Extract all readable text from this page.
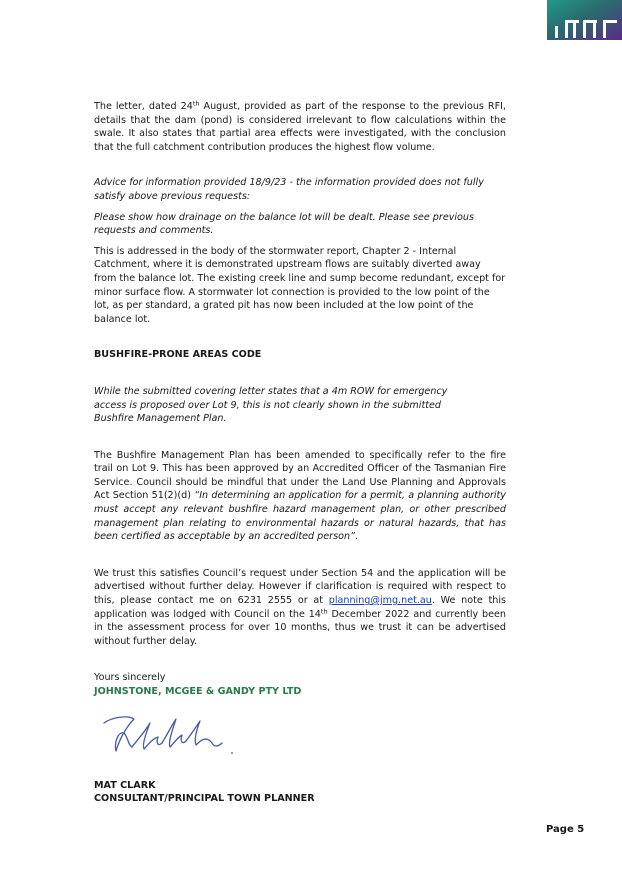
The letter, dated 24th August, provided as part of the response to the previous RFI, details that the dam (pond) is considered irrelevant to flow calculations within the swale. It also states that partial area effects were investigated, with the conclusion that the full catchment contribution produces the highest flow volume.

Advice for information provided 18/9/23 - the information provided does not fully satisfy above previous requests:

Please show how drainage on the balance lot will be dealt. Please see previous requests and comments.

This is addressed in the body of the stormwater report, Chapter 2 - Internal Catchment, where it is demonstrated upstream flows are suitably diverted away from the balance lot. The existing creek line and sump become redundant, except for minor surface flow. A stormwater lot connection is provided to the low point of the lot, as per standard, a grated pit has now been included at the low point of the balance lot.

BUSHFIRE-PRONE AREAS CODE

While the submitted covering letter states that a 4m ROW for emergency access is proposed over Lot 9, this is not clearly shown in the submitted Bushfire Management Plan.

The Bushfire Management Plan has been amended to specifically refer to the fire trail on Lot 9. This has been approved by an Accredited Officer of the Tasmanian Fire Service. Council should be mindful that under the Land Use Planning and Approvals Act Section 51(2)(d) “In determining an application for a permit, a planning authority must accept any relevant bushfire hazard management plan, or other prescribed management plan relating to environmental hazards or natural hazards, that has been certified as acceptable by an accredited person”.

We trust this satisfies Council’s request under Section 54 and the application will be advertised without further delay. However if clarification is required with respect to this, please contact me on 6231 2555 or at planning@jmg.net.au. We note this application was lodged with Council on the 14th December 2022 and currently been in the assessment process for over 10 months, thus we trust it can be advertised without further delay.

Yours sincerely

JOHNSTONE, MCGEE & GANDY PTY LTD

MAT CLARK

CONSULTANT/PRINCIPAL TOWN PLANNER

Page 5
